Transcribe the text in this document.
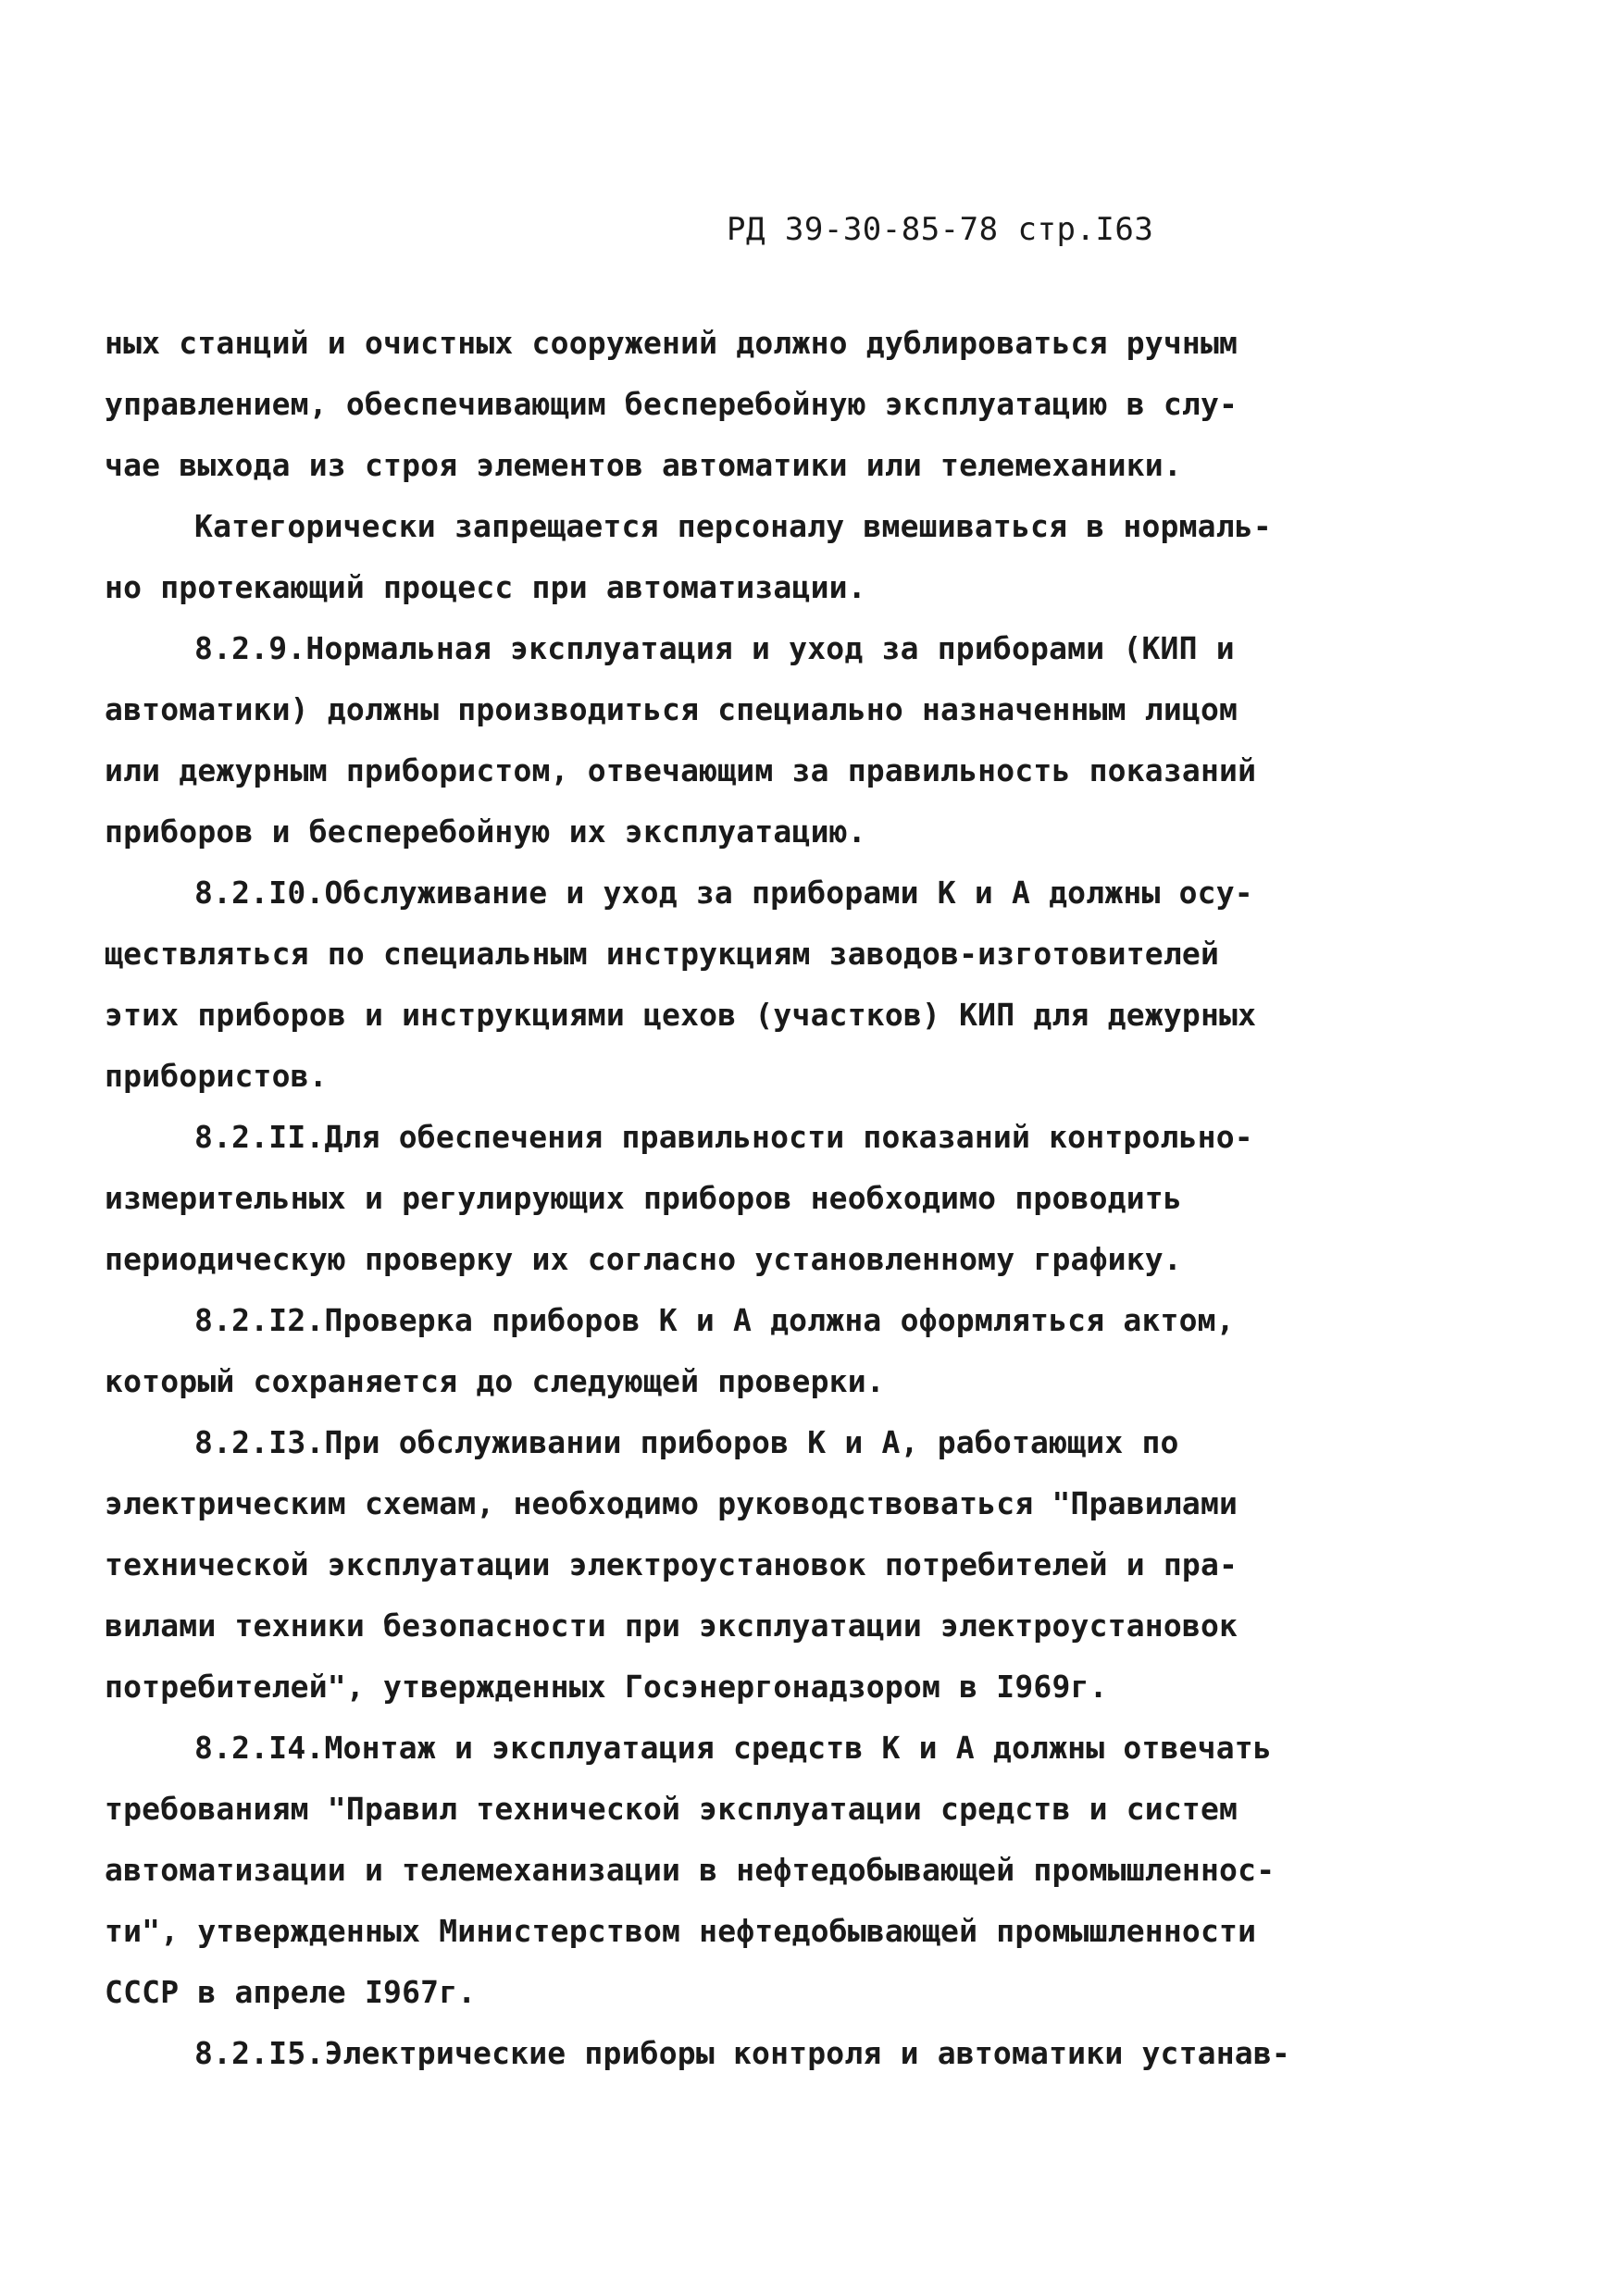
РД 39-30-85-78 стр.I63
ных станций и очистных сооружений должно дублироваться ручным
управлением, обеспечивающим бесперебойную эксплуатацию в слу-
чае выхода из строя элементов автоматики или телемеханики.
Категорически запрещается персоналу вмешиваться в нормаль-
но протекающий процесс при автоматизации.
8.2.9.Нормальная эксплуатация и уход за приборами (КИП и
автоматики) должны производиться специально назначенным лицом
или дежурным прибористом, отвечающим за правильность показаний
приборов и бесперебойную их эксплуатацию.
8.2.I0.Обслуживание и уход за приборами К и А должны осу-
ществляться по специальным инструкциям заводов-изготовителей
этих приборов и инструкциями цехов (участков) КИП для дежурных
прибористов.
8.2.II.Для обеспечения правильности показаний контрольно-
измерительных и регулирующих приборов необходимо проводить
периодическую проверку их согласно установленному графику.
8.2.I2.Проверка приборов К и А должна оформляться актом,
который сохраняется до следующей проверки.
8.2.I3.При обслуживании приборов К и А, работающих по
электрическим схемам, необходимо руководствоваться "Правилами
технической эксплуатации электроустановок потребителей и пра-
вилами техники безопасности при эксплуатации электроустановок
потребителей", утвержденных Госэнергонадзором в I969г.
8.2.I4.Монтаж и эксплуатация средств К и А должны отвечать
требованиям "Правил технической эксплуатации средств и систем
автоматизации и телемеханизации в нефтедобывающей промышленнос-
ти", утвержденных Министерством нефтедобывающей промышленности
СССР в апреле I967г.
8.2.I5.Электрические приборы контроля и автоматики устанав-
